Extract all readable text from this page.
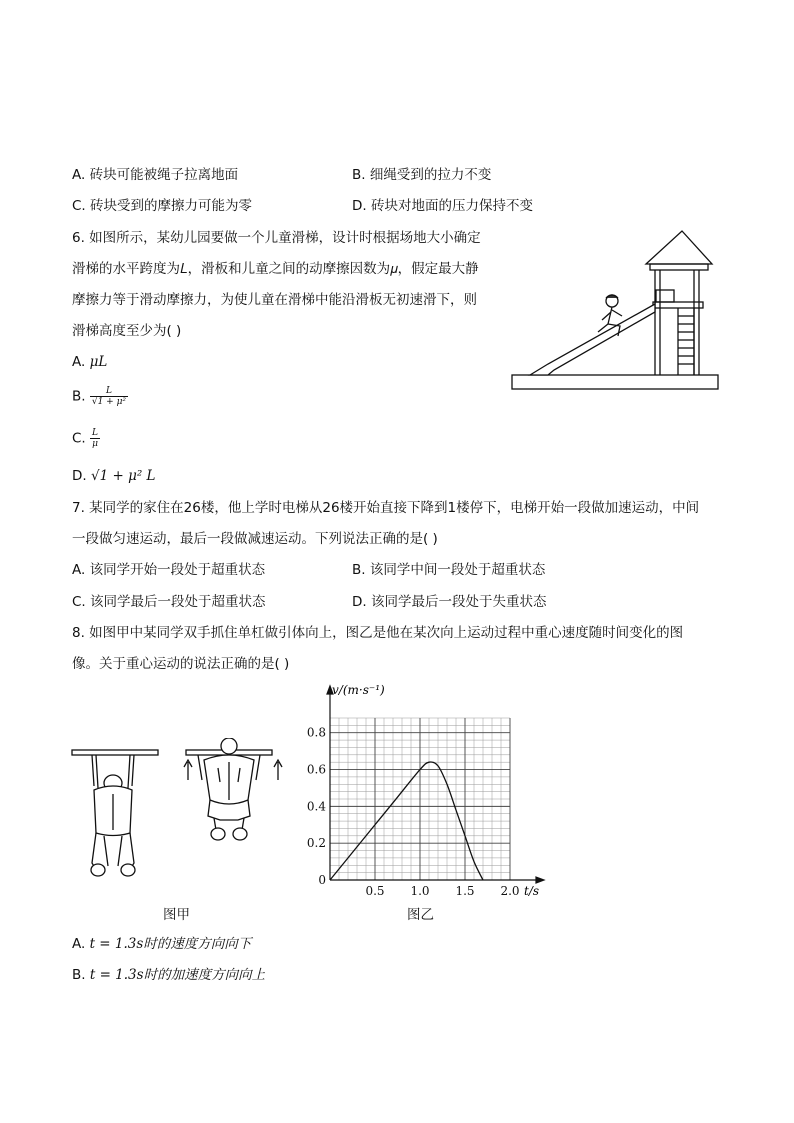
A. 砖块可能被绳子拉离地面	B. 细绳受到的拉力不变
C. 砖块受到的摩擦力可能为零	D. 砖块对地面的压力保持不变
6. 如图所示，某幼儿园要做一个儿童滑梯，设计时根据场地大小确定
滑梯的水平跨度为𝐿，滑板和儿童之间的动摩擦因数为𝜇，假定最大静
摩擦力等于滑动摩擦力，为使儿童在滑梯中能沿滑板无初速滑下，则
滑梯高度至少为( )
A. μL
B. $\frac{L}{\text{√1 + μ²}}$
C. $\frac{L}{\mu}$
D. √1 + μ² L
7. 某同学的家住在26楼，他上学时电梯从26楼开始直接下降到1楼停下，电梯开始一段做加速运动，中间
一段做匀速运动，最后一段做减速运动。下列说法正确的是( )
A. 该同学开始一段处于超重状态	B. 该同学中间一段处于超重状态
C. 该同学最后一段处于超重状态	D. 该同学最后一段处于失重状态
8. 如图甲中某同学双手抓住单杠做引体向上，图乙是他在某次向上运动过程中重心速度随时间变化的图
像。关于重心运动的说法正确的是( )
图甲	图乙
0.5 1.0 1.5 2.0
0
0.2
0.4
0.6
0.8
v/(m·s⁻¹)
t/s
A. t = 1.3s时的速度方向向下
B. t = 1.3s时的加速度方向向上
